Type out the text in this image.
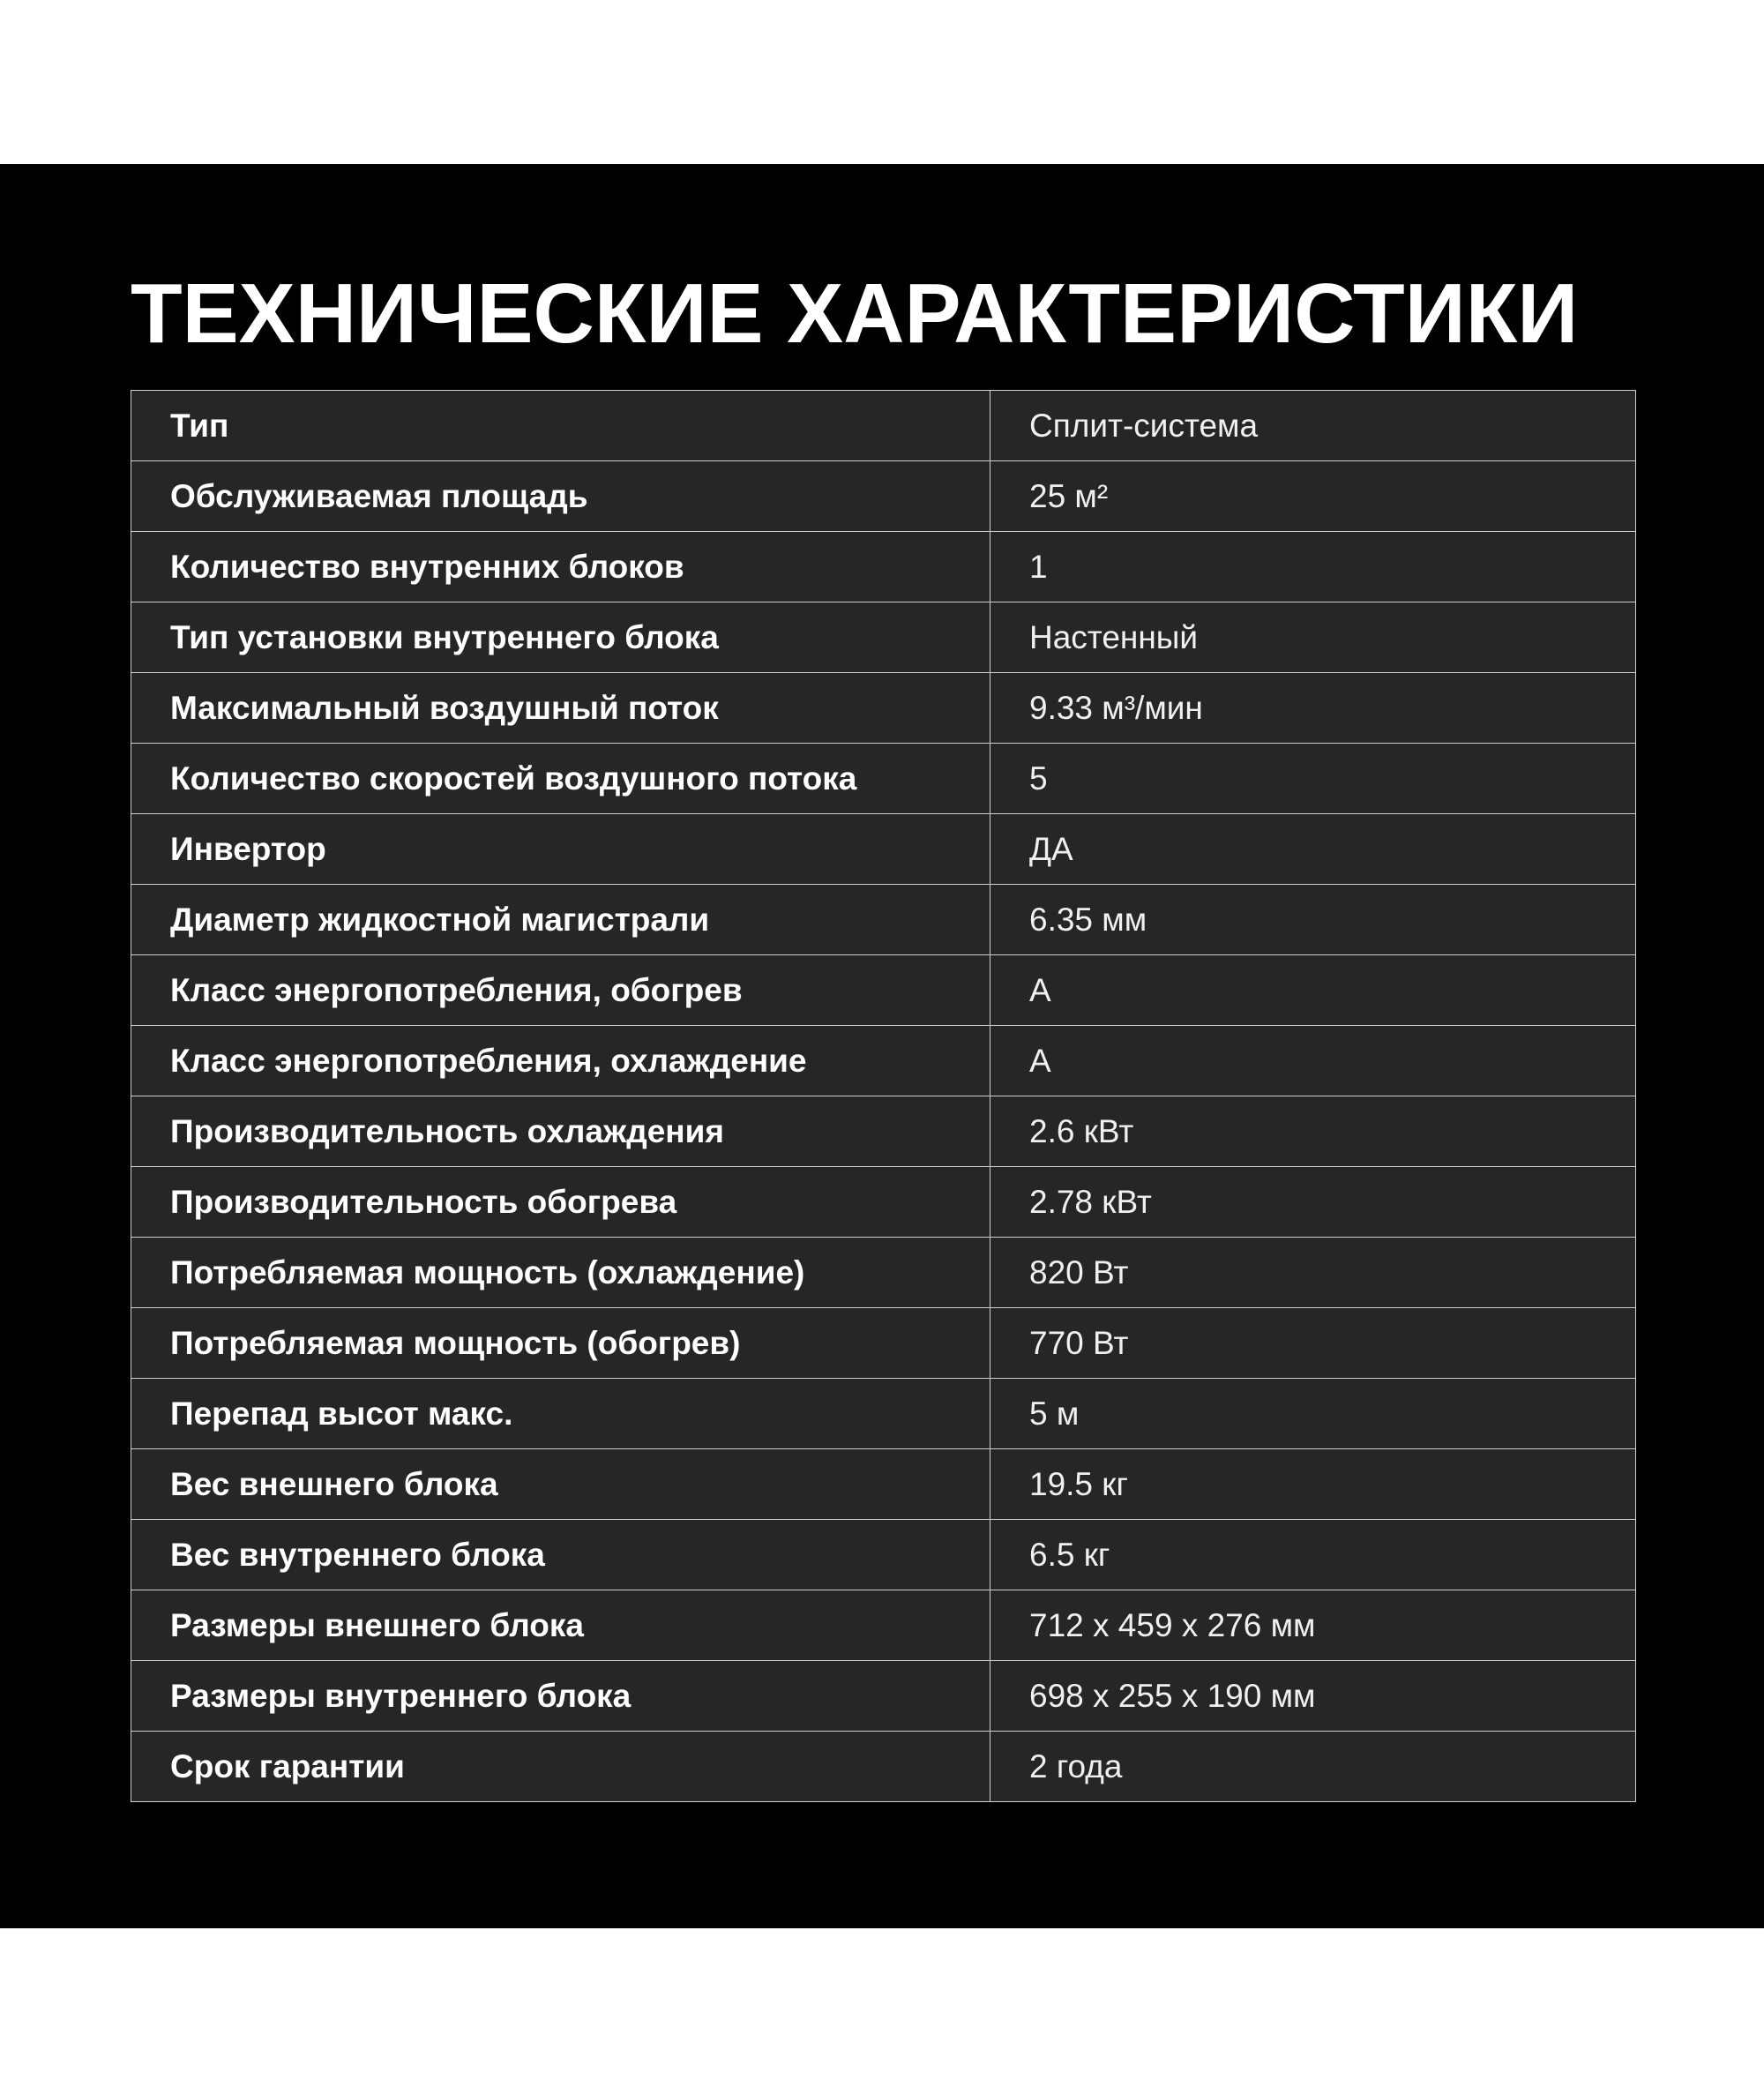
ТЕХНИЧЕСКИЕ ХАРАКТЕРИСТИКИ
Тип	Сплит-система
Обслуживаемая площадь	25 м²
Количество внутренних блоков	1
Тип установки внутреннего блока	Настенный
Максимальный воздушный поток	9.33 м³/мин
Количество скоростей воздушного потока	5
Инвертор	ДА
Диаметр жидкостной магистрали	6.35 мм
Класс энергопотребления, обогрев	A
Класс энергопотребления, охлаждение	A
Производительность охлаждения	2.6 кВт
Производительность обогрева	2.78 кВт
Потребляемая мощность (охлаждение)	820 Вт
Потребляемая мощность (обогрев)	770 Вт
Перепад высот макс.	5 м
Вес внешнего блока	19.5 кг
Вес внутреннего блока	6.5 кг
Размеры внешнего блока	712 x 459 x 276 мм
Размеры внутреннего блока	698 x 255 x 190 мм
Срок гарантии	2 года
